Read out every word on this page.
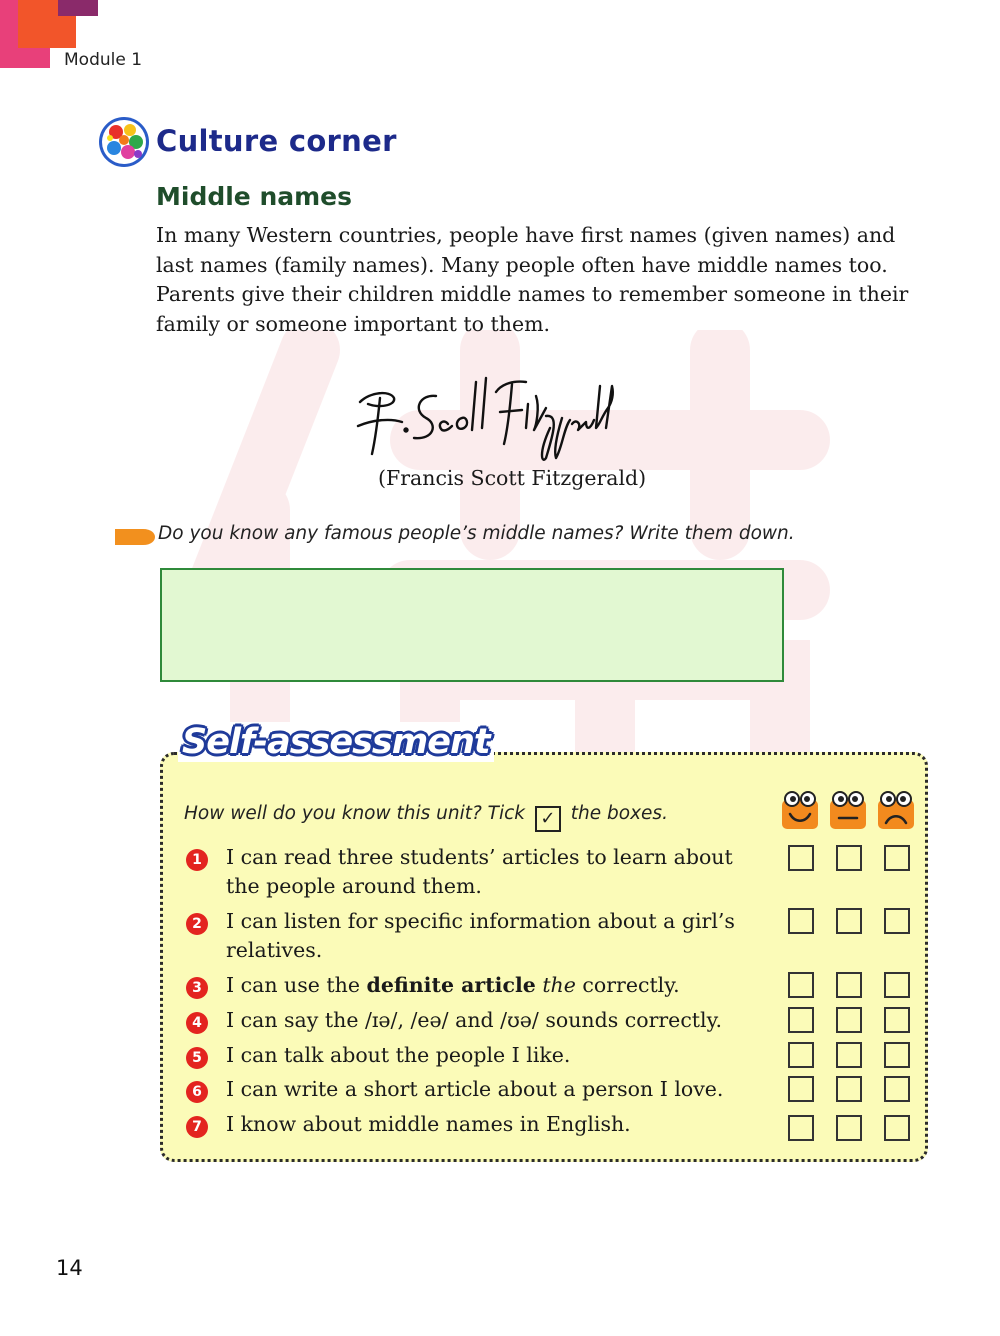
Module 1
Culture corner
Middle names

In many Western countries, people have first names (given names) and
last names (family names). Many people often have middle names too.
Parents give their children middle names to remember someone in their
family or someone important to them.

(Francis Scott Fitzgerald)
Do you know any famous people’s middle names? Write them down.
Self-assessment
How well do you know this unit? Tick ✓ the boxes.
1 I can read three students’ articles to learn about
the people around them.
2 I can listen for specific information about a girl’s
relatives.
3 I can use the definite article the correctly.
4 I can say the /ɪə/, /eə/ and /ʊə/ sounds correctly.
5 I can talk about the people I like.
6 I can write a short article about a person I love.
7 I know about middle names in English.
14
